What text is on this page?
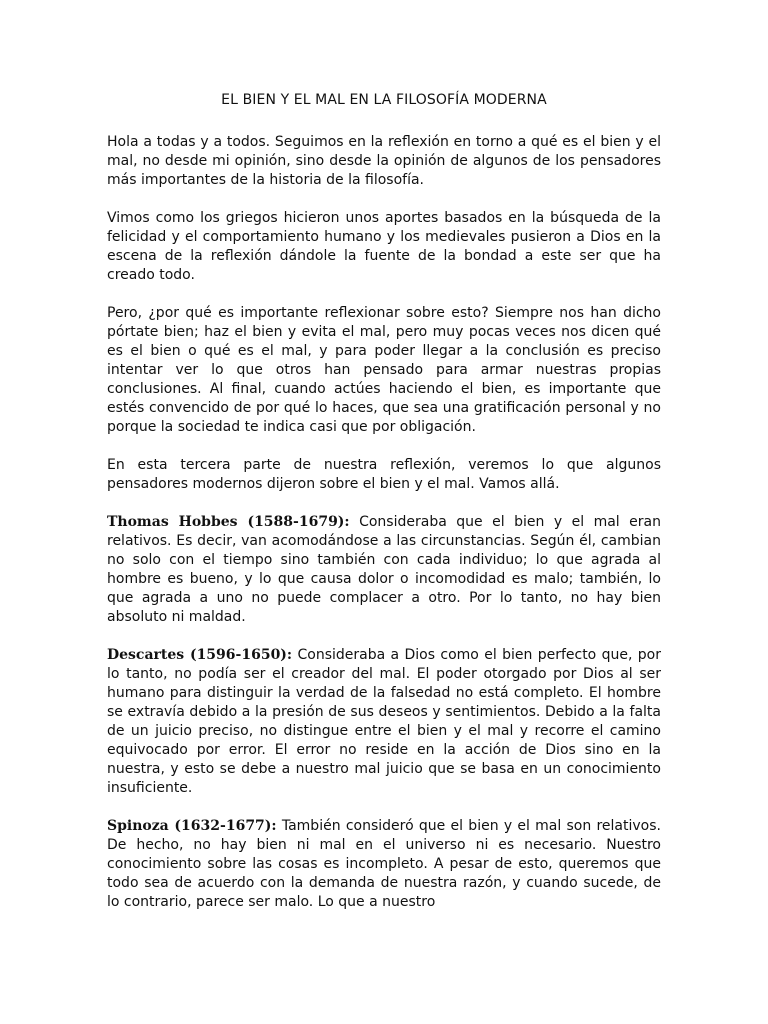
EL BIEN Y EL MAL EN LA FILOSOFÍA MODERNA

Hola a todas y a todos. Seguimos en la reflexión en torno a qué es el bien y el mal, no desde mi opinión, sino desde la opinión de algunos de los pensadores más importantes de la historia de la filosofía.

Vimos como los griegos hicieron unos aportes basados en la búsqueda de la felicidad y el comportamiento humano y los medievales pusieron a Dios en la escena de la reflexión dándole la fuente de la bondad a este ser que ha creado todo.

Pero, ¿por qué es importante reflexionar sobre esto? Siempre nos han dicho pórtate bien; haz el bien y evita el mal, pero muy pocas veces nos dicen qué es el bien o qué es el mal, y para poder llegar a la conclusión es preciso intentar ver lo que otros han pensado para armar nuestras propias conclusiones. Al final, cuando actúes haciendo el bien, es importante que estés convencido de por qué lo haces, que sea una gratificación personal y no porque la sociedad te indica casi que por obligación.

En esta tercera parte de nuestra reflexión, veremos lo que algunos pensadores modernos dijeron sobre el bien y el mal. Vamos allá.

Thomas Hobbes (1588-1679): Consideraba que el bien y el mal eran relativos. Es decir, van acomodándose a las circunstancias. Según él, cambian no solo con el tiempo sino también con cada individuo; lo que agrada al hombre es bueno, y lo que causa dolor o incomodidad es malo; también, lo que agrada a uno no puede complacer a otro. Por lo tanto, no hay bien absoluto ni maldad.

Descartes (1596-1650): Consideraba a Dios como el bien perfecto que, por lo tanto, no podía ser el creador del mal. El poder otorgado por Dios al ser humano para distinguir la verdad de la falsedad no está completo. El hombre se extravía debido a la presión de sus deseos y sentimientos. Debido a la falta de un juicio preciso, no distingue entre el bien y el mal y recorre el camino equivocado por error. El error no reside en la acción de Dios sino en la nuestra, y esto se debe a nuestro mal juicio que se basa en un conocimiento insuficiente.

Spinoza (1632-1677): También consideró que el bien y el mal son relativos. De hecho, no hay bien ni mal en el universo ni es necesario. Nuestro conocimiento sobre las cosas es incompleto. A pesar de esto, queremos que todo sea de acuerdo con la demanda de nuestra razón, y cuando sucede, de lo contrario, parece ser malo. Lo que a nuestro
